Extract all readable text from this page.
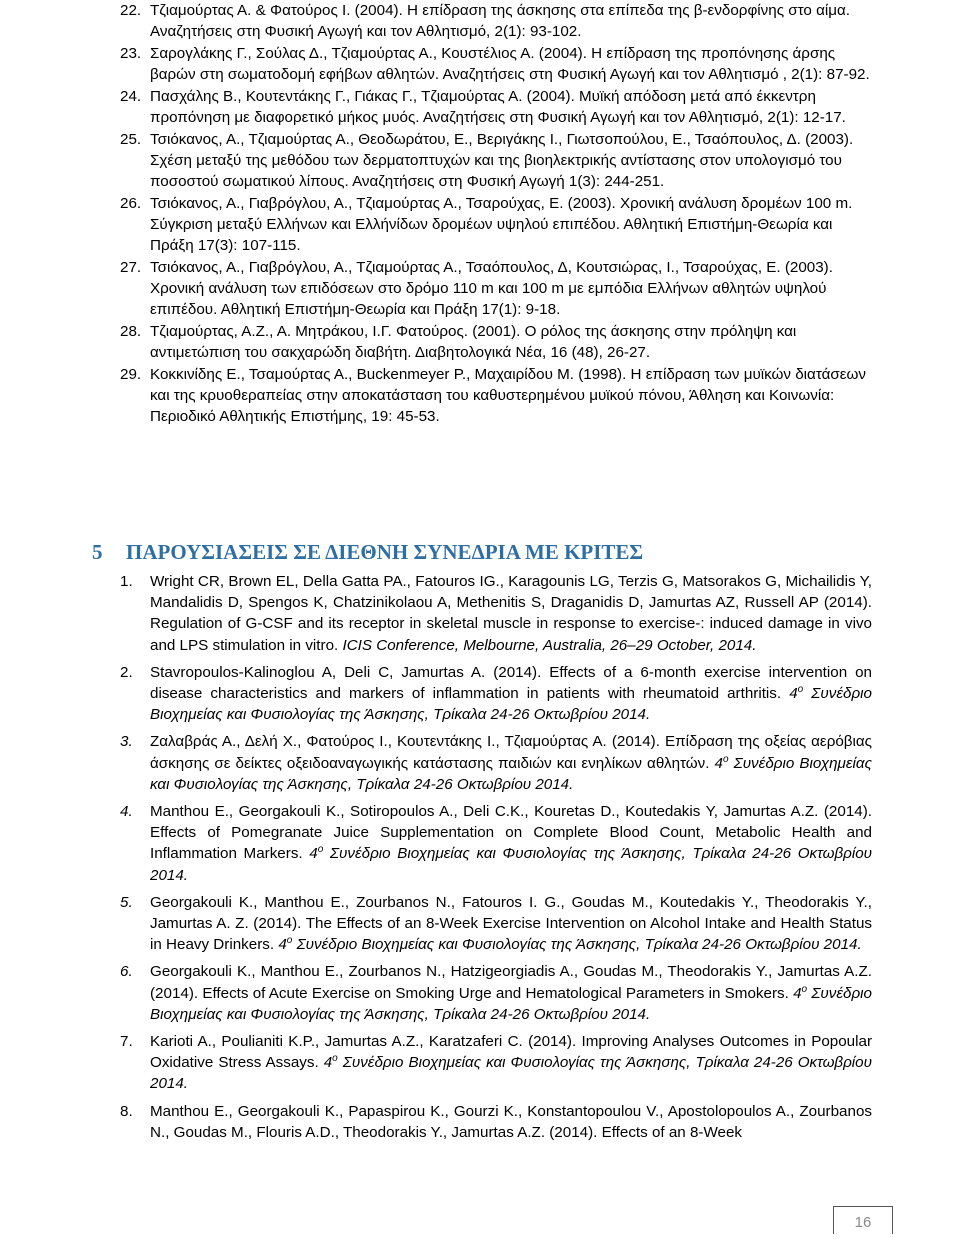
22. Τζιαμούρτας Α. & Φατούρος Ι. (2004). Η επίδραση της άσκησης στα επίπεδα της β-ενδορφίνης στο αίμα. Αναζητήσεις στη Φυσική Αγωγή και τον Αθλητισμό, 2(1): 93-102.
23. Σαρογλάκης Γ., Σούλας Δ., Τζιαμούρτας Α., Κουστέλιος Α. (2004). Η επίδραση της προπόνησης άρσης βαρών στη σωματοδομή εφήβων αθλητών. Αναζητήσεις στη Φυσική Αγωγή και τον Αθλητισμό , 2(1): 87-92.
24. Πασχάλης Β., Κουτεντάκης Γ., Γιάκας Γ., Τζιαμούρτας Α. (2004). Μυϊκή απόδοση μετά από έκκεντρη προπόνηση με διαφορετικό μήκος μυός. Αναζητήσεις στη Φυσική Αγωγή και τον Αθλητισμό, 2(1): 12-17.
25. Τσιόκανος, Α., Τζιαμούρτας Α., Θεοδωράτου, Ε., Βεριγάκης Ι., Γιωτσοπούλου, Ε., Τσαόπουλος, Δ. (2003). Σχέση μεταξύ της μεθόδου των δερματοπτυχών και της βιοηλεκτρικής αντίστασης στον υπολογισμό του ποσοστού σωματικού λίπους. Αναζητήσεις στη Φυσική Αγωγή 1(3): 244-251.
26. Τσιόκανος, Α., Γιαβρόγλου, Α., Τζιαμούρτας Α., Τσαρούχας, Ε. (2003). Χρονική ανάλυση δρομέων 100 m. Σύγκριση μεταξύ Ελλήνων και Ελλήνίδων δρομέων υψηλού επιπέδου. Αθλητική Επιστήμη-Θεωρία και Πράξη 17(3): 107-115.
27. Τσιόκανος, Α., Γιαβρόγλου, Α., Τζιαμούρτας Α., Τσαόπουλος, Δ, Κουτσιώρας, Ι., Τσαρούχας, Ε. (2003). Χρονική ανάλυση των επιδόσεων στο δρόμο 110 m και 100 m με εμπόδια Ελλήνων αθλητών υψηλού επιπέδου. Αθλητική Επιστήμη-Θεωρία και Πράξη 17(1): 9-18.
28. Τζιαμούρτας, Α.Ζ., Α. Μητράκου, Ι.Γ. Φατούρος. (2001). Ο ρόλος της άσκησης στην πρόληψη και αντιμετώπιση του σακχαρώδη διαβήτη. Διαβητολογικά Νέα, 16 (48), 26-27.
29. Κοκκινίδης Ε., Τσαμούρτας Α., Buckenmeyer P., Μαχαιρίδου Μ. (1998). Η επίδραση των μυϊκών διατάσεων και της κρυοθεραπείας στην αποκατάσταση του καθυστερημένου μυϊκού πόνου, Άθληση και Κοινωνία: Περιοδικό Αθλητικής Επιστήμης, 19: 45-53.
5	ΠΑΡΟΥΣΙΑΣΕΙΣ ΣΕ ΔΙΕΘΝΗ ΣΥΝΕΔΡΙΑ ΜΕ ΚΡΙΤΕΣ
1.	Wright CR, Brown EL, Della Gatta PA., Fatouros IG., Karagounis LG, Terzis G, Matsorakos G, Michailidis Y, Mandalidis D, Spengos K, Chatzinikolaou A, Methenitis S, Draganidis D, Jamurtas AZ, Russell AP (2014). Regulation of G-CSF and its receptor in skeletal muscle in response to exercise-: induced damage in vivo and LPS stimulation in vitro. ICIS Conference, Melbourne, Australia, 26–29 October, 2014.
2.	Stavropoulos-Kalinoglou A, Deli C, Jamurtas A. (2014). Effects of a 6-month exercise intervention on disease characteristics and markers of inflammation in patients with rheumatoid arthritis. $4^o$ Συνέδριο Βιοχημείας και Φυσιολογίας της Άσκησης, Τρίκαλα 24-26 Οκτωβρίου 2014.
3.	Ζαλαβράς Α., Δελή Χ., Φατούρος Ι., Κουτεντάκης Ι., Τζιαμούρτας Α. (2014). Επίδραση της οξείας αερόβιας άσκησης σε δείκτες οξειδοαναγωγικής κατάστασης παιδιών και ενηλίκων αθλητών. $4^o$ Συνέδριο Βιοχημείας και Φυσιολογίας της Άσκησης, Τρίκαλα 24-26 Οκτωβρίου 2014.
4.	Manthou E., Georgakouli K., Sotiropoulos A., Deli C.K., Kouretas D., Koutedakis Y, Jamurtas A.Z. (2014). Effects of Pomegranate Juice Supplementation on Complete Blood Count, Metabolic Health and Inflammation Markers. $4^o$ Συνέδριο Βιοχημείας και Φυσιολογίας της Άσκησης, Τρίκαλα 24-26 Οκτωβρίου 2014.
5.	Georgakouli K., Manthou E., Zourbanos N., Fatouros I. G., Goudas M., Koutedakis Y., Theodorakis Y., Jamurtas A. Z. (2014). The Effects of an 8-Week Exercise Intervention on Alcohol Intake and Health Status in Heavy Drinkers. $4^o$ Συνέδριο Βιοχημείας και Φυσιολογίας της Άσκησης, Τρίκαλα 24-26 Οκτωβρίου 2014.
6.	Georgakouli K., Manthou E., Zourbanos N., Hatzigeorgiadis A., Goudas M., Theodorakis Y., Jamurtas A.Z. (2014). Effects of Acute Exercise on Smoking Urge and Hematological Parameters in Smokers. $4^o$ Συνέδριο Βιοχημείας και Φυσιολογίας της Άσκησης, Τρίκαλα 24-26 Οκτωβρίου 2014.
7.	Karioti A., Poulianiti K.P., Jamurtas A.Z., Karatzaferi C. (2014). Improving Analyses Outcomes in Popoular Oxidative Stress Assays. $4^o$ Συνέδριο Βιοχημείας και Φυσιολογίας της Άσκησης, Τρίκαλα 24-26 Οκτωβρίου 2014.
8.	Manthou E., Georgakouli K., Papaspirou K., Gourzi K., Konstantopoulou V., Apostolopoulos A., Zourbanos N., Goudas M., Flouris A.D., Theodorakis Y., Jamurtas A.Z. (2014). Effects of an 8-Week
16
